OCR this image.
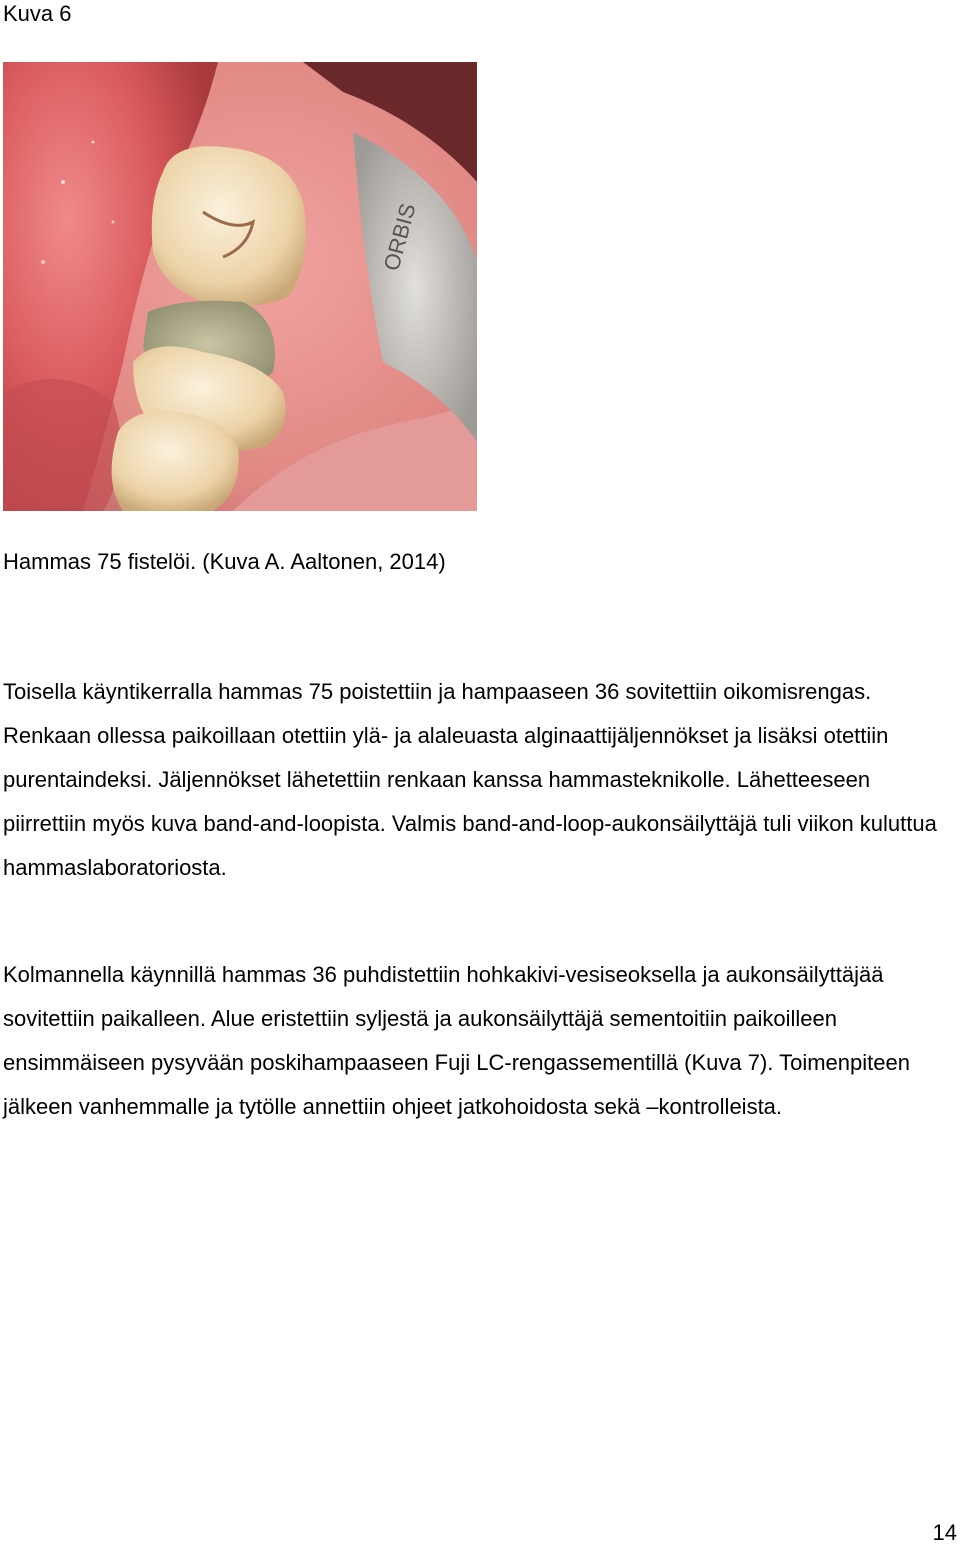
Kuva 6

ORBIS

Hammas 75 fistelöi. (Kuva A. Aaltonen, 2014)

Toisella käyntikerralla hammas 75 poistettiin ja hampaaseen 36 sovitettiin oikomisrengas. Renkaan ollessa paikoillaan otettiin ylä- ja alaleuasta alginaattijäljennökset ja lisäksi otettiin purentaindeksi. Jäljennökset lähetettiin renkaan kanssa hammasteknikolle. Lähetteeseen piirrettiin myös kuva band-and-loopista. Valmis band-and-loop-aukonsäilyttäjä tuli viikon kuluttua hammaslaboratoriosta.

Kolmannella käynnillä hammas 36 puhdistettiin hohkakivi-vesiseoksella ja aukonsäilyttäjää sovitettiin paikalleen. Alue eristettiin syljestä ja aukonsäilyttäjä sementoitiin paikoilleen ensimmäiseen pysyvään poskihampaaseen Fuji LC-rengassementillä (Kuva 7). Toimenpiteen jälkeen vanhemmalle ja tytölle annettiin ohjeet jatkohoidosta sekä –kontrolleista.

14
